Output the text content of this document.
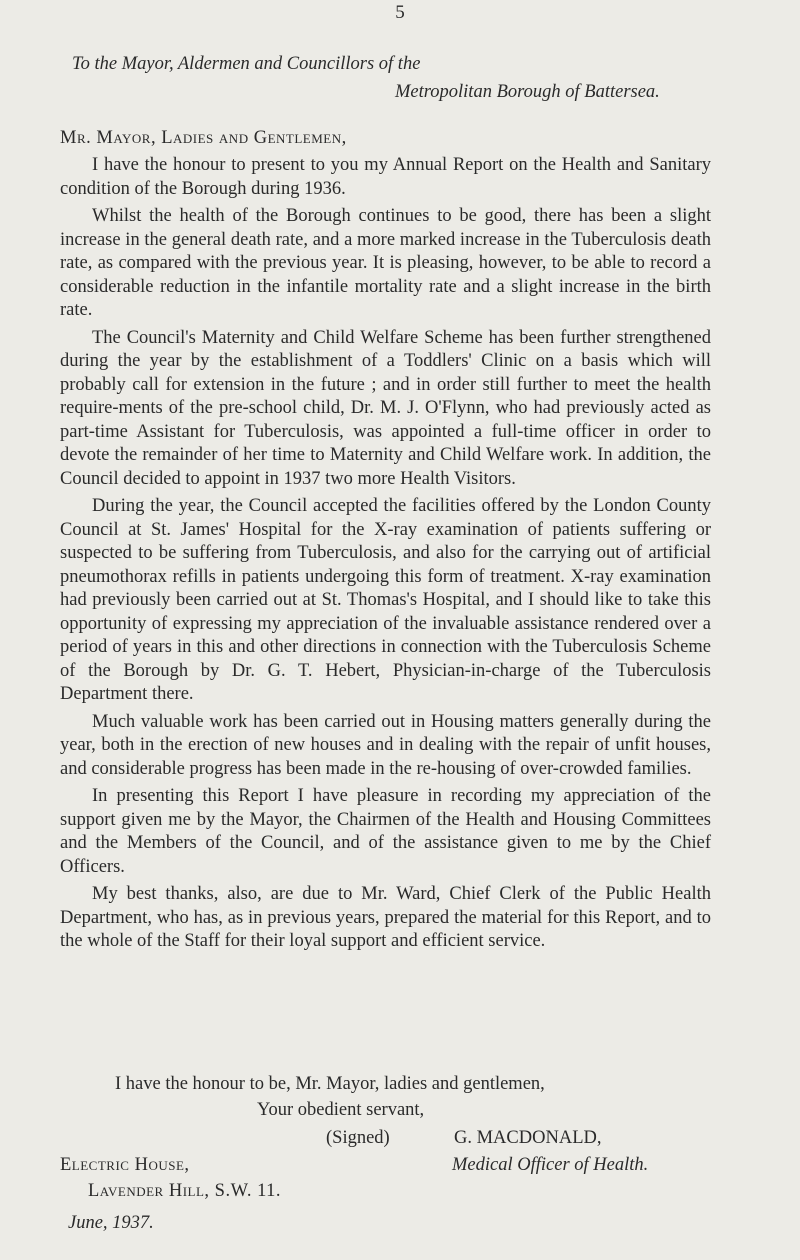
5
To the Mayor, Aldermen and Councillors of the
Metropolitan Borough of Battersea.
Mr. Mayor, Ladies and Gentlemen,

I have the honour to present to you my Annual Report on the Health and Sanitary condition of the Borough during 1936.

Whilst the health of the Borough continues to be good, there has been a slight increase in the general death rate, and a more marked increase in the Tuberculosis death rate, as compared with the previous year. It is pleasing, however, to be able to record a considerable reduction in the infantile mortality rate and a slight increase in the birth rate.

The Council's Maternity and Child Welfare Scheme has been further strengthened during the year by the establishment of a Toddlers' Clinic on a basis which will probably call for extension in the future ; and in order still further to meet the health require-ments of the pre-school child, Dr. M. J. O'Flynn, who had previously acted as part-time Assistant for Tuberculosis, was appointed a full-time officer in order to devote the remainder of her time to Maternity and Child Welfare work. In addition, the Council decided to appoint in 1937 two more Health Visitors.

During the year, the Council accepted the facilities offered by the London County Council at St. James' Hospital for the X-ray examination of patients suffering or suspected to be suffering from Tuberculosis, and also for the carrying out of artificial pneumothorax refills in patients undergoing this form of treatment. X-ray examination had previously been carried out at St. Thomas's Hospital, and I should like to take this opportunity of expressing my appreciation of the invaluable assistance rendered over a period of years in this and other directions in connection with the Tuberculosis Scheme of the Borough by Dr. G. T. Hebert, Physician-in-charge of the Tuberculosis Department there.

Much valuable work has been carried out in Housing matters generally during the year, both in the erection of new houses and in dealing with the repair of unfit houses, and considerable progress has been made in the re-housing of over-crowded families.

In presenting this Report I have pleasure in recording my appreciation of the support given me by the Mayor, the Chairmen of the Health and Housing Committees and the Members of the Council, and of the assistance given to me by the Chief Officers.

My best thanks, also, are due to Mr. Ward, Chief Clerk of the Public Health Department, who has, as in previous years, prepared the material for this Report, and to the whole of the Staff for their loyal support and efficient service.

I have the honour to be, Mr. Mayor, ladies and gentlemen,
Your obedient servant,
(Signed)	G. MACDONALD,
Medical Officer of Health.
Electric House,
Lavender Hill, S.W. 11.
June, 1937.
